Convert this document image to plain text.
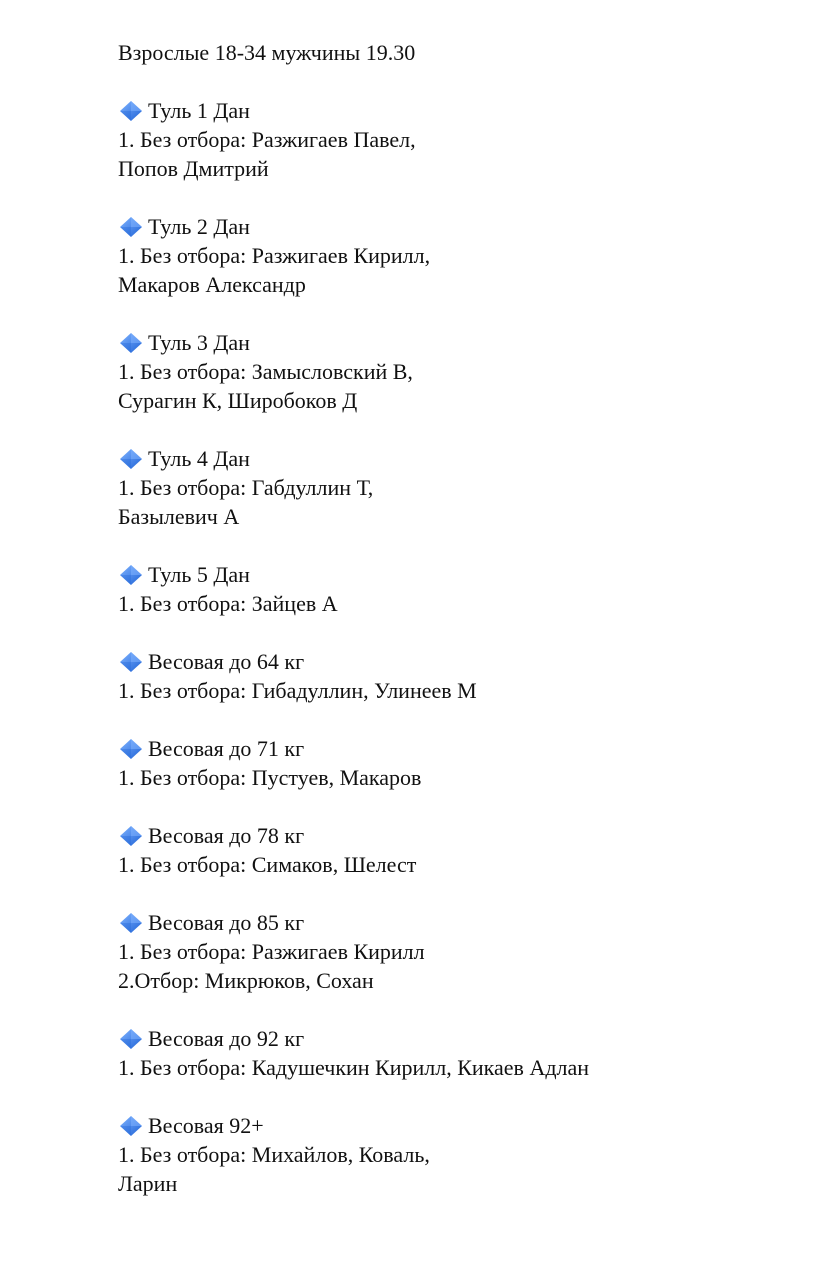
Взрослые 18-34 мужчины 19.30
Туль 1 Дан
1. Без отбора: Разжигаев Павел,
Попов Дмитрий
Туль 2 Дан
1. Без отбора: Разжигаев Кирилл,
Макаров Александр
Туль 3 Дан
1. Без отбора: Замысловский В,
Сурагин К, Широбоков Д
Туль 4 Дан
1. Без отбора: Габдуллин Т,
Базылевич А
Туль 5 Дан
1. Без отбора: Зайцев А
Весовая до 64 кг
1. Без отбора: Гибадуллин, Улинеев М
Весовая до 71 кг
1. Без отбора: Пустуев, Макаров
Весовая до 78 кг
1. Без отбора: Симаков, Шелест
Весовая до 85 кг
1. Без отбора: Разжигаев Кирилл
2.Отбор: Микрюков, Сохан
Весовая до 92 кг
1. Без отбора: Кадушечкин Кирилл, Кикаев Адлан
Весовая 92+
1. Без отбора: Михайлов, Коваль,
Ларин
